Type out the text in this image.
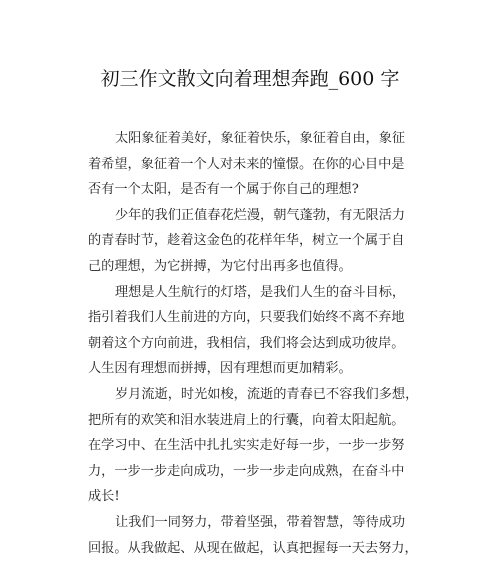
初三作文散文向着理想奔跑_600 字
太阳象征着美好，象征着快乐，象征着自由，象征
着希望，象征着一个人对未来的憧憬。在你的心目中是
否有一个太阳，是否有一个属于你自己的理想?
少年的我们正值春花烂漫，朝气蓬勃，有无限活力
的青春时节，趁着这金色的花样年华，树立一个属于自
己的理想，为它拼搏，为它付出再多也值得。
理想是人生航行的灯塔，是我们人生的奋斗目标，
指引着我们人生前进的方向，只要我们始终不离不弃地
朝着这个方向前进，我相信，我们将会达到成功彼岸。
人生因有理想而拼搏，因有理想而更加精彩。
岁月流逝，时光如梭，流逝的青春已不容我们多想，
把所有的欢笑和泪水装进肩上的行囊，向着太阳起航。
在学习中、在生活中扎扎实实走好每一步，一步一步努
力，一步一步走向成功，一步一步走向成熟，在奋斗中
成长!
让我们一同努力，带着坚强，带着智慧，等待成功
回报。从我做起、从现在做起，认真把握每一天去努力，
